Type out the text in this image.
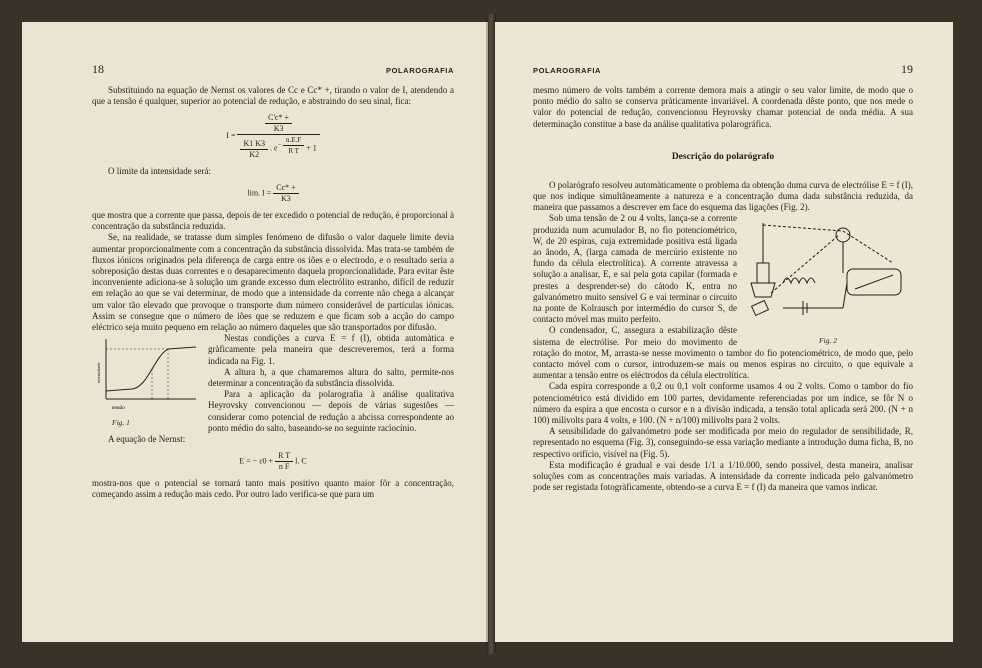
18	POLAROGRAFIA

Substituindo na equação de Nernst os valores de Cc e Cc* +, tirando o valor de I, atendendo a que a tensão é qualquer, superior ao potencial de redução, e abstraindo do seu sinal, fica:

$I = \frac{C'c* +}{K3}$
$\frac{K1 K3}{K2}$ . $e^{- \frac{n.E.F}{\text{R T}}} + 1$

O limite da intensidade será:

lim. $I = \frac{Cc* +}{K3}$

que mostra que a corrente que passa, depois de ter excedido o potencial de redução, é proporcional à concentração da substância reduzida.

Se, na realidade, se tratasse dum simples fenómeno de difusão o valor daquele limite devia aumentar proporcionalmente com a concentração da substância dissolvida. Mas trata-se também de fluxos iónicos originados pela diferença de carga entre os iões e o electrodo, e o resultado seria a sobreposição destas duas correntes e o desaparecimento daquela proporcionalidade. Para evitar êste inconveniente adiciona-se à solução um grande excesso dum electrólito estranho, difícil de reduzir em relação ao que se vai determinar, de modo que a intensidade da corrente não chega a alcançar um valor tão elevado que provoque o transporte dum número considerável de partículas iónicas. Assim se consegue que o número de iões que se reduzem e que ficam sob a acção do campo eléctrico seja muito pequeno em relação ao número daqueles que são transportados por difusão.

tensão
intensidade
Fig. 1

Nestas condições a curva E = f (I), obtida automàtica e gràficamente pela maneira que descreveremos, terá a forma indicada na Fig. 1.

A altura h, a que chamaremos altura do salto, permite-nos determinar a concentração da substância dissolvida.

Para a aplicação da polarografia à análise qualitativa Heyrovsky convencionou — depois de várias sugestões — considerar como potencial de redução a abcissa correspondente ao ponto médio do salto, baseando-se no seguinte raciocínio.

A equação de Nernst:

E = − $\varepsilon 0 + \frac{\text{R T}}{\text{n F}} l$. C

mostra-nos que o potencial se tornará tanto mais positivo quanto maior fôr a concentração, começando assim a redução mais cedo. Por outro lado verifica-se que para um

POLAROGRAFIA	19

mesmo número de volts também a corrente demora mais a atingir o seu valor limite, de modo que o ponto médio do salto se conserva pràticamente invariável. A coordenada dêste ponto, que nos mede o valor do potencial de redução, convencionou Heyrovsky chamar potencial de onda média. A sua determinação constitue a base da análise qualitativa polarográfica.

Descrição do polarógrafo

O polarógrafo resolveu automàticamente o problema da obtenção duma curva de electrólise E = f (I), que nos indique simultâneamente a natureza e a concentração duma dada substância reduzida, da maneira que passamos a descrever em face do esquema das ligações (Fig. 2).

Fig. 2

Sob uma tensão de 2 ou 4 volts, lança-se a corrente produzida num acumulador B, no fio potenciométrico, W, de 20 espiras, cuja extremidade positiva está ligada ao ânodo, A, (larga camada de mercúrio existente no fundo da célula electrolítica). A corrente atravessa a solução a analisar, E, e sai pela gota capilar (formada e prestes a desprender-se) do cátodo K, entra no galvanómetro muito sensível G e vai terminar o circuito na ponte de Kolrausch por intermédio do cursor S, de contacto móvel mas muito perfeito.

O condensador, C, assegura a estabilização dêste sistema de electrólise. Por meio do movimento de rotação do motor, M, arrasta-se nesse movimento o tambor do fio potenciométrico, de modo que, pelo contacto móvel com o cursor, introduzem-se mais ou menos espiras no circuito, o que equivale a aumentar a tensão entre os eléctrodos da célula electrolítica.

Cada espira corresponde a 0,2 ou 0,1 volt conforme usamos 4 ou 2 volts. Como o tambor do fio potenciométrico está dividido em 100 partes, devidamente referenciadas por um índice, se fôr N o número da espira a que encosta o cursor e n a divisão indicada, a tensão total aplicada será 200. (N + n 100) milivolts para 4 volts, e 100. (N + n/100) milivolts para 2 volts.

A sensibilidade do galvanómetro pode ser modificada por meio do regulador de sensibilidade, R, representado no esquema (Fig. 3), conseguindo-se essa variação mediante a introdução duma ficha, B, no respectivo orifício, visível na (Fig. 5).

Esta modificação é gradual e vai desde 1/1 a 1/10.000, sendo possível, desta maneira, analisar soluções com as concentrações mais variadas. A intensidade da corrente indicada pelo galvanómetro pode ser registada fotogràficamente, obtendo-se a curva E = f (I) da maneira que vamos indicar.
